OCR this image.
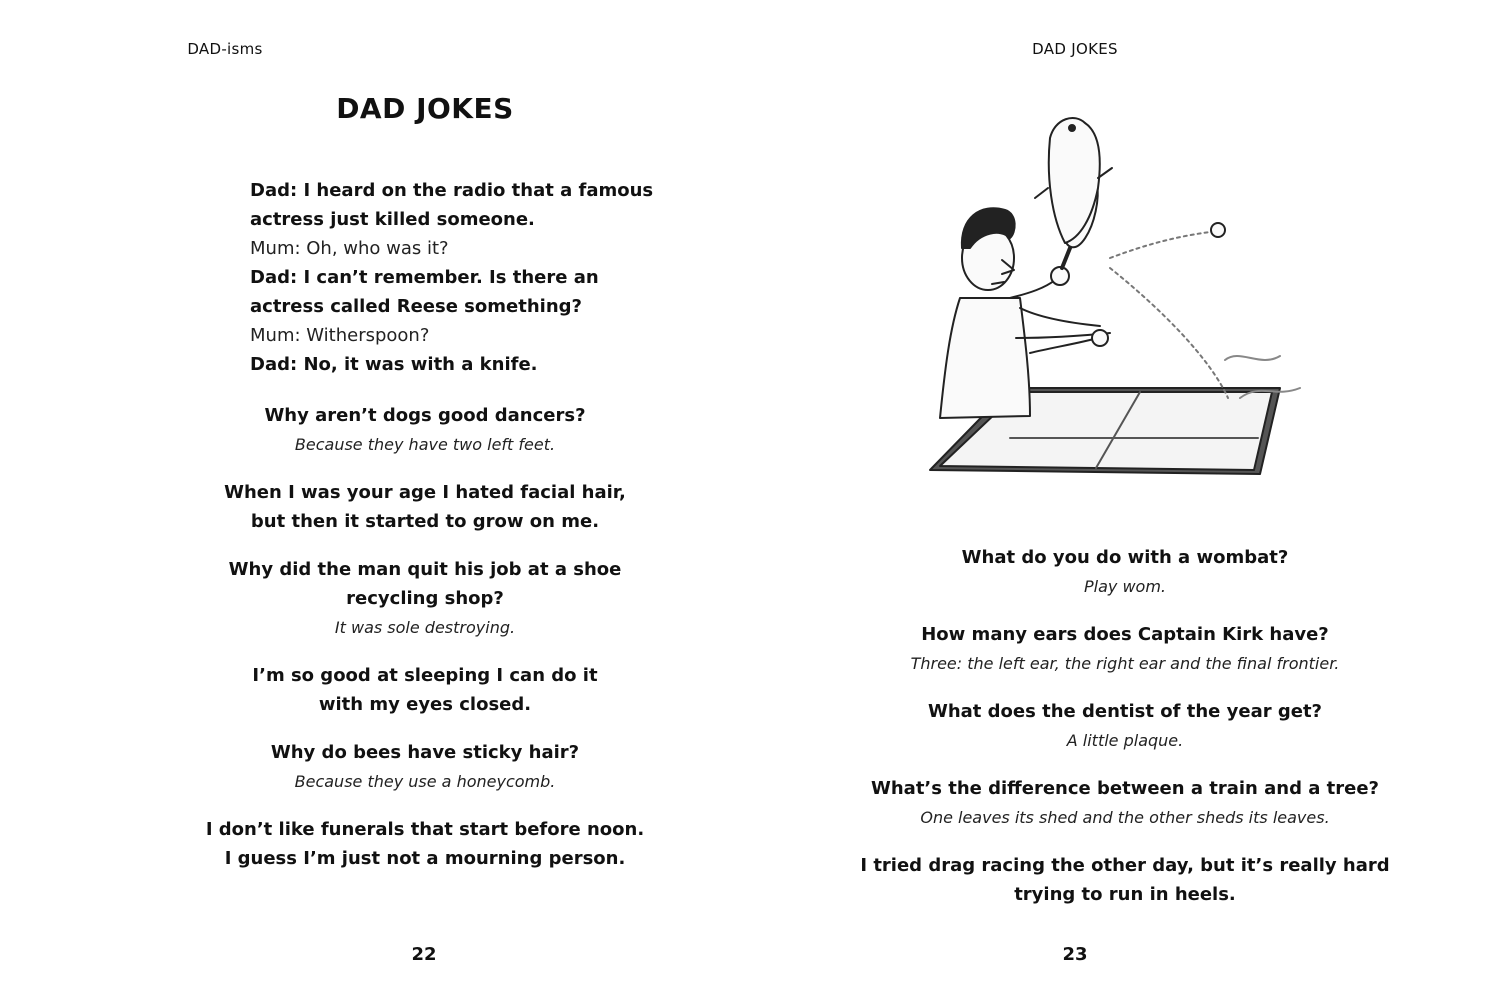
DAD-isms
DAD JOKES
Dad: I heard on the radio that a famous
actress just killed someone.
Mum: Oh, who was it?
Dad: I can’t remember. Is there an
actress called Reese something?
Mum: Witherspoon?
Dad: No, it was with a knife.
Why aren’t dogs good dancers?
Because they have two left feet.
When I was your age I hated facial hair,
but then it started to grow on me.
Why did the man quit his job at a shoe
recycling shop?
It was sole destroying.
I’m so good at sleeping I can do it
with my eyes closed.
Why do bees have sticky hair?
Because they use a honeycomb.
I don’t like funerals that start before noon.
I guess I’m just not a mourning person.
22
DAD JOKES
What do you do with a wombat?
Play wom.
How many ears does Captain Kirk have?
Three: the left ear, the right ear and the final frontier.
What does the dentist of the year get?
A little plaque.
What’s the difference between a train and a tree?
One leaves its shed and the other sheds its leaves.
I tried drag racing the other day, but it’s really hard
trying to run in heels.
23
